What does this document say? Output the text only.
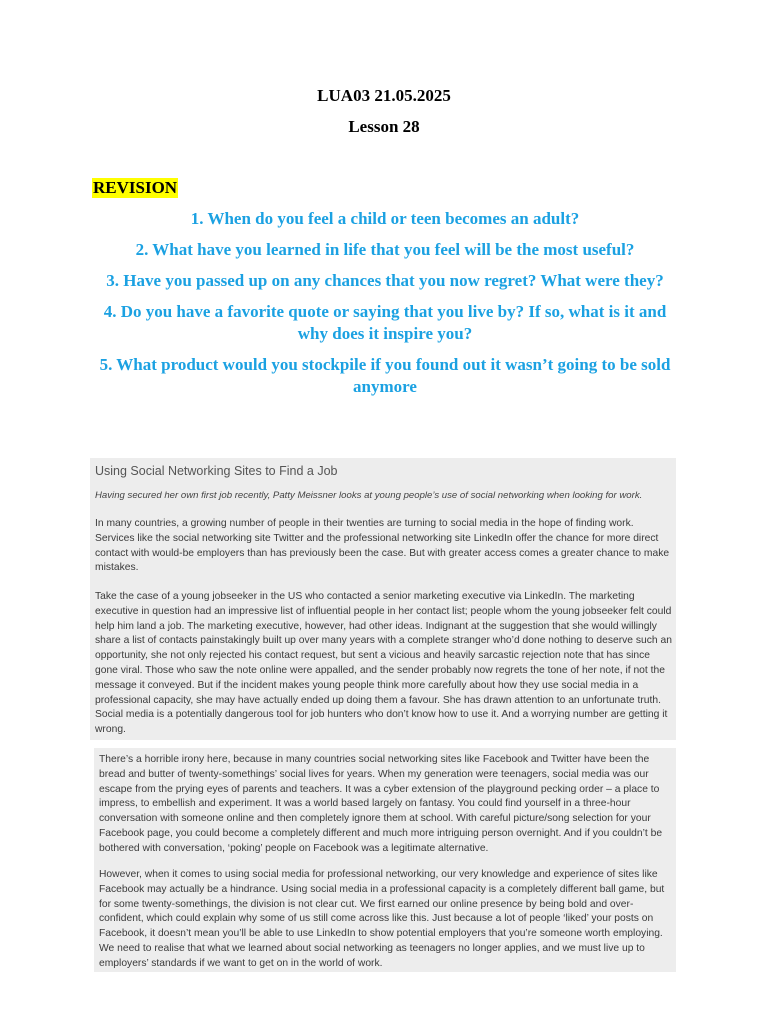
LUA03 21.05.2025
Lesson 28
REVISION

1. When do you feel a child or teen becomes an adult?

2. What have you learned in life that you feel will be the most useful?

3. Have you passed up on any chances that you now regret? What were they?

4. Do you have a favorite quote or saying that you live by? If so, what is it and why does it inspire you?

5. What product would you stockpile if you found out it wasn’t going to be sold anymore

Using Social Networking Sites to Find a Job
Having secured her own first job recently, Patty Meissner looks at young people’s use of social networking when looking for work.

In many countries, a growing number of people in their twenties are turning to social media in the hope of finding work. Services like the social networking site Twitter and the professional networking site LinkedIn offer the chance for more direct contact with would-be employers than has previously been the case. But with greater access comes a greater chance to make mistakes.

Take the case of a young jobseeker in the US who contacted a senior marketing executive via LinkedIn. The marketing executive in question had an impressive list of influential people in her contact list; people whom the young jobseeker felt could help him land a job. The marketing executive, however, had other ideas. Indignant at the suggestion that she would willingly share a list of contacts painstakingly built up over many years with a complete stranger who’d done nothing to deserve such an opportunity, she not only rejected his contact request, but sent a vicious and heavily sarcastic rejection note that has since gone viral. Those who saw the note online were appalled, and the sender probably now regrets the tone of her note, if not the message it conveyed. But if the incident makes young people think more carefully about how they use social media in a professional capacity, she may have actually ended up doing them a favour. She has drawn attention to an unfortunate truth. Social media is a potentially dangerous tool for job hunters who don’t know how to use it. And a worrying number are getting it wrong.

There’s a horrible irony here, because in many countries social networking sites like Facebook and Twitter have been the bread and butter of twenty-somethings’ social lives for years. When my generation were teenagers, social media was our escape from the prying eyes of parents and teachers. It was a cyber extension of the playground pecking order – a place to impress, to embellish and experiment. It was a world based largely on fantasy. You could find yourself in a three-hour conversation with someone online and then completely ignore them at school. With careful picture/song selection for your Facebook page, you could become a completely different and much more intriguing person overnight. And if you couldn’t be bothered with conversation, ‘poking’ people on Facebook was a legitimate alternative.

However, when it comes to using social media for professional networking, our very knowledge and experience of sites like Facebook may actually be a hindrance. Using social media in a professional capacity is a completely different ball game, but for some twenty-somethings, the division is not clear cut. We first earned our online presence by being bold and over-confident, which could explain why some of us still come across like this. Just because a lot of people ‘liked’ your posts on Facebook, it doesn’t mean you’ll be able to use LinkedIn to show potential employers that you’re someone worth employing. We need to realise that what we learned about social networking as teenagers no longer applies, and we must live up to employers’ standards if we want to get on in the world of work.
